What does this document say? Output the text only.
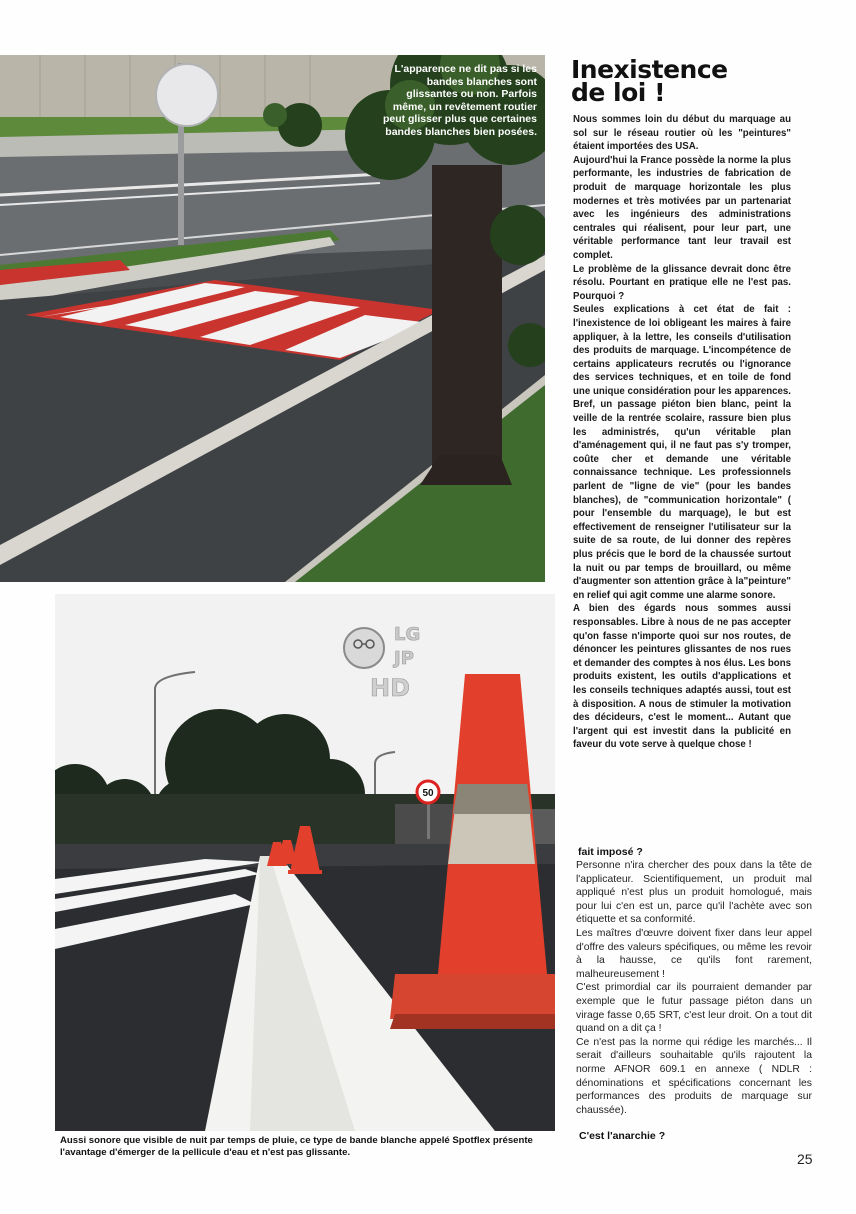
L'apparence ne dit pas si les bandes blanches sont glissantes ou non. Parfois même, un revêtement routier peut glisser plus que certaines bandes blanches bien posées.
Inexistence
de loi !

Nous sommes loin du début du marquage au sol sur le réseau routier où les "peintures" étaient importées des USA.

Aujourd'hui la France possède la norme la plus performante, les industries de fabrication de produit de marquage horizontale les plus modernes et très motivées par un partenariat avec les ingénieurs des administrations centrales qui réalisent, pour leur part, une véritable performance tant leur travail est complet.

Le problème de la glissance devrait donc être résolu. Pourtant en pratique elle ne l'est pas. Pourquoi ?

Seules explications à cet état de fait : l'inexistence de loi obligeant les maires à faire appliquer, à la lettre, les conseils d'utilisation des produits de marquage. L'incompétence de certains applicateurs recrutés ou l'ignorance des services techniques, et en toile de fond une unique considération pour les apparences. Bref, un passage piéton bien blanc, peint la veille de la rentrée scolaire, rassure bien plus les administrés, qu'un véritable plan d'aménagement qui, il ne faut pas s'y tromper, coûte cher et demande une véritable connaissance technique. Les professionnels parlent de "ligne de vie" (pour les bandes blanches), de "communication horizontale" ( pour l'ensemble du marquage), le but est effectivement de renseigner l'utilisateur sur la suite de sa route, de lui donner des repères plus précis que le bord de la chaussée surtout la nuit ou par temps de brouillard, ou même d'augmenter son attention grâce à la"peinture" en relief qui agit comme une alarme sonore.

A bien des égards nous sommes aussi responsables. Libre à nous de ne pas accepter qu'on fasse n'importe quoi sur nos routes, de dénoncer les peintures glissantes de nos rues et demander des comptes à nos élus. Les bons produits existent, les outils d'applications et les conseils techniques adaptés aussi, tout est à disposition. A nous de stimuler la motivation des décideurs, c'est le moment... Autant que l'argent qui est investit dans la publicité en faveur du vote serve à quelque chose !

50
LG
JP
HD
Aussi sonore que visible de nuit par temps de pluie, ce type de bande blanche appelé Spotflex présente l'avantage d'émerger de la pellicule d'eau et n'est pas glissante.
fait imposé ?

Personne n'ira chercher des poux dans la tête de l'applicateur. Scientifiquement, un produit mal appliqué n'est plus un produit homologué, mais pour lui c'en est un, parce qu'il l'achète avec son étiquette et sa conformité.

Les maîtres d'œuvre doivent fixer dans leur appel d'offre des valeurs spécifiques, ou même les revoir à la hausse, ce qu'ils font rarement, malheureusement !

C'est primordial car ils pourraient demander par exemple que le futur passage piéton dans un virage fasse 0,65 SRT, c'est leur droit. On a tout dit quand on a dit ça !

Ce n'est pas la norme qui rédige les marchés... Il serait d'ailleurs souhaitable qu'ils rajoutent la norme AFNOR 609.1 en annexe ( NDLR : dénominations et spécifications concernant les performances des produits de marquage sur chaussée).

C'est l'anarchie ?
25
